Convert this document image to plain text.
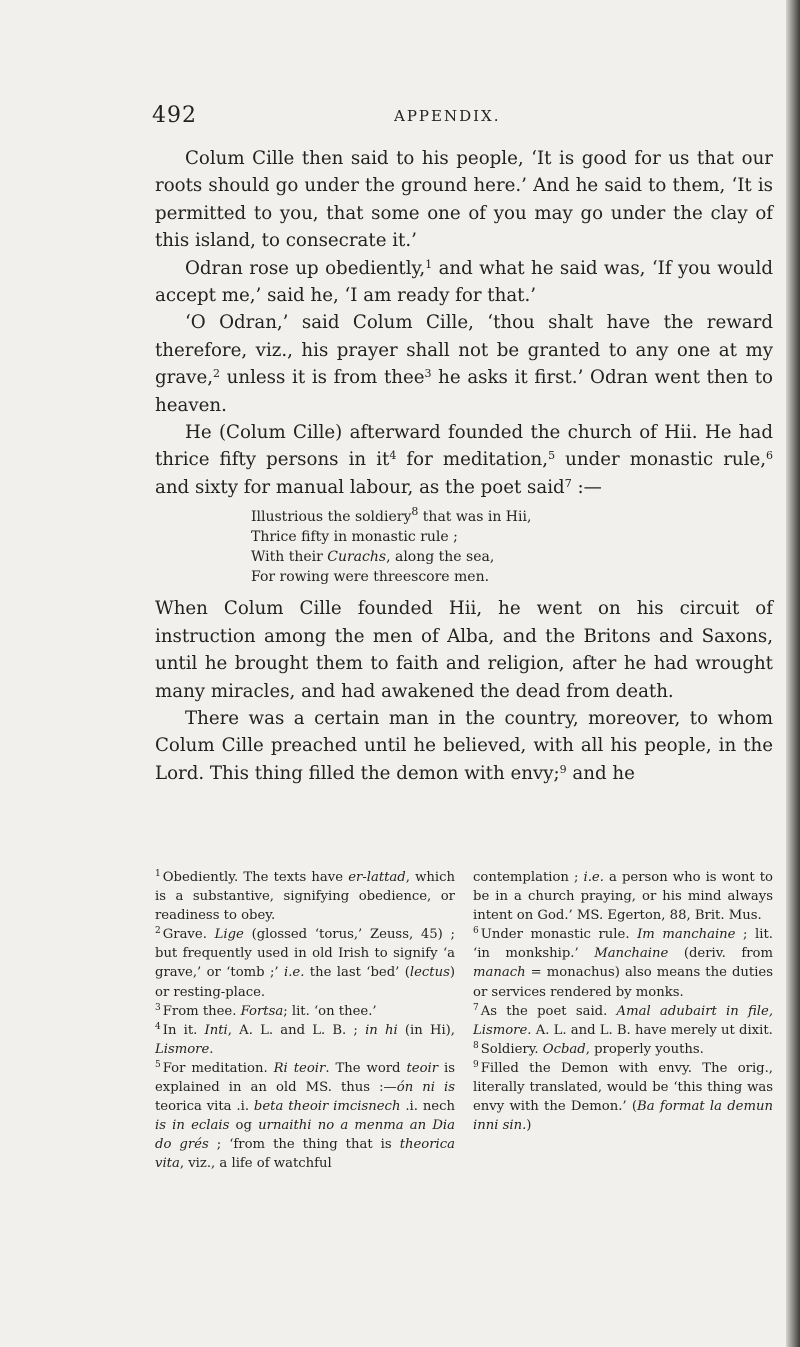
492	APPENDIX.

Colum Cille then said to his people, ‘It is good for us that our roots should go under the ground here.’ And he said to them, ‘It is permitted to you, that some one of you may go under the clay of this island, to consecrate it.’

Odran rose up obediently,$^1$ and what he said was, ‘If you would accept me,’ said he, ‘I am ready for that.’

‘O Odran,’ said Colum Cille, ‘thou shalt have the reward therefore, viz., his prayer shall not be granted to any one at my grave,$^2$ unless it is from thee$^3$ he asks it first.’ Odran went then to heaven.

He (Colum Cille) afterward founded the church of Hii. He had thrice fifty persons in $it^4$ for meditation,$^5$ under monastic rule,$^6$ and sixty for manual labour, as the poet said$^7$ :—

Illustrious the soldiery$^8$ that was in Hii,
Thrice fifty in monastic rule ;
With their Curachs, along the sea,
For rowing were threescore men.

When Colum Cille founded Hii, he went on his circuit of instruction among the men of Alba, and the Britons and Saxons, until he brought them to faith and religion, after he had wrought many miracles, and had awakened the dead from death.

There was a certain man in the country, moreover, to whom Colum Cille preached until he believed, with all his people, in the Lord. This thing filled the demon with envy;$^9$ and he

$^1$ Obediently. The texts have er-lattad, which is a substantive, signifying obedience, or readiness to obey.

$^2$ Grave. Lige (glossed ‘torus,’ Zeuss, 45) ; but frequently used in old Irish to signify ‘a grave,’ or ‘tomb ;’ i.e. the last ‘bed’ (lectus) or resting-place.

$^3$ From thee. Fortsa; lit. ‘on thee.’

$^4$ In it. Inti, A. L. and L. B. ; in hi (in Hi), Lismore.

$^5$ For meditation. Ri teoir. The word teoir is explained in an old MS. thus :—ón ni is teorica vita .i. beta theoir imcisnech .i. nech is in eclais og urnaithi no a menma an Dia do grés ; ‘from the thing that is theorica vita, viz., a life of watchful

contemplation ; i.e. a person who is wont to be in a church praying, or his mind always intent on God.’ MS. Egerton, 88, Brit. Mus.

$^6$ Under monastic rule. Im manchaine ; lit. ‘in monkship.’ Manchaine (deriv. from manach = monachus) also means the duties or services rendered by monks.

$^7$ As the poet said. Amal adubairt in file, Lismore. A. L. and L. B. have merely ut dixit.

$^8$ Soldiery. Ocbad, properly youths.

$^9$ Filled the Demon with envy. The orig., literally translated, would be ‘this thing was envy with the Demon.’ (Ba format la demun inni sin.)
